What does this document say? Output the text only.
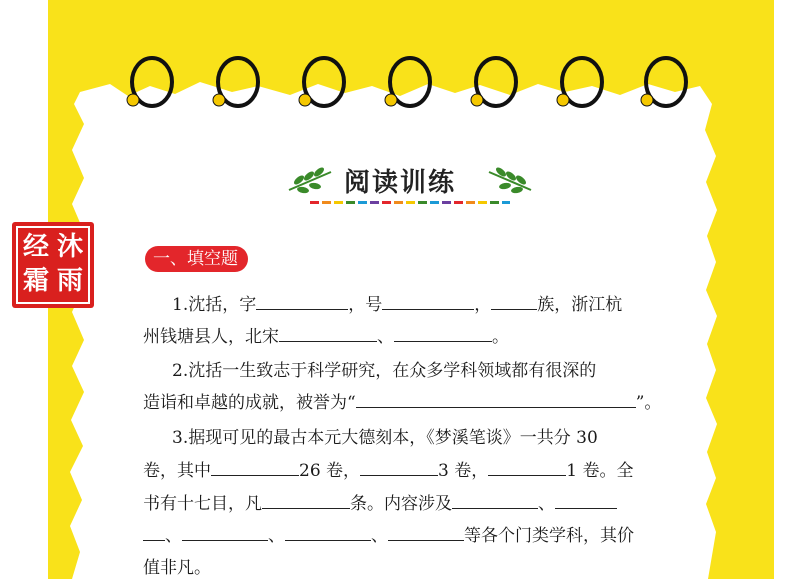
阅读训练
经 沐
霜 雨
一、填空题
1.沈括，字	，号	，	族，浙江杭
州钱塘县人，北宋	、	。
2.沈括一生致志于科学研究，在众多学科领域都有很深的
造诣和卓越的成就，被誉为“	”。
3.据现可见的最古本元大德刻本，《梦溪笔谈》一共分 30
卷，其中	26 卷，	3 卷，	1 卷。全
书有十七目，凡	条。内容涉及	、
、	、	、	等各个门类学科，其价
值非凡。
